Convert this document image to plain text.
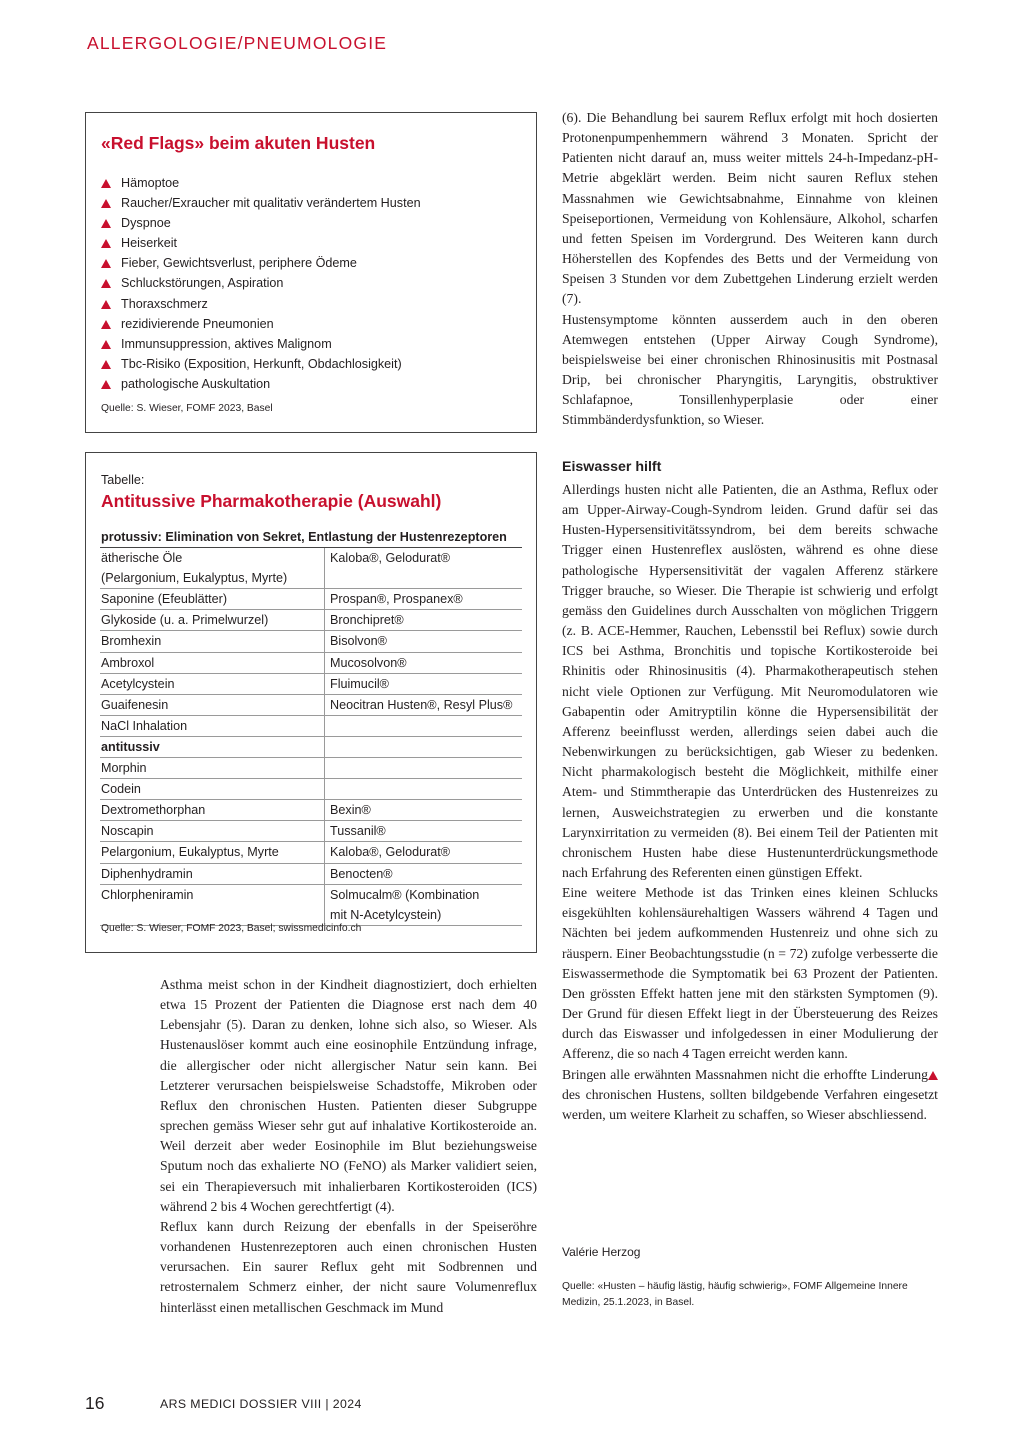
ALLERGOLOGIE/PNEUMOLOGIE
«Red Flags» beim akuten Husten
Hämoptoe
Raucher/Exraucher mit qualitativ verändertem Husten
Dyspnoe
Heiserkeit
Fieber, Gewichtsverlust, periphere Ödeme
Schluckstörungen, Aspiration
Thoraxschmerz
rezidivierende Pneumonien
Immunsuppression, aktives Malignom
Tbc-Risiko (Exposition, Herkunft, Obdachlosigkeit)
pathologische Auskultation
Quelle: S. Wieser, FOMF 2023, Basel
Tabelle:
Antitussive Pharmakotherapie (Auswahl)
protussiv: Elimination von Sekret, Entlastung der Hustenrezeptoren	
ätherische Öle
(Pelargonium, Eukalyptus, Myrte)	Kaloba®, Gelodurat®
Saponine (Efeublätter)	Prospan®, Prospanex®
Glykoside (u. a. Primelwurzel)	Bronchipret®
Bromhexin	Bisolvon®
Ambroxol	Mucosolvon®
Acetylcystein	Fluimucil®
Guaifenesin	Neocitran Husten®, Resyl Plus®
NaCl Inhalation	
antitussiv	
Morphin	
Codein	
Dextromethorphan	Bexin®
Noscapin	Tussanil®
Pelargonium, Eukalyptus, Myrte	Kaloba®, Gelodurat®
Diphenhydramin	Benocten®
Chlorpheniramin	Solmucalm® (Kombination
mit N-Acetylcystein)
Quelle: S. Wieser, FOMF 2023, Basel; swissmedicinfo.ch

Asthma meist schon in der Kindheit diagnostiziert, doch erhielten etwa 15 Prozent der Patienten die Diagnose erst nach dem 40 Lebensjahr (5). Daran zu denken, lohne sich also, so Wieser. Als Hustenauslöser kommt auch eine eosinophile Entzündung infrage, die allergischer oder nicht allergischer Natur sein kann. Bei Letzterer verursachen beispielsweise Schadstoffe, Mikroben oder Reflux den chronischen Husten. Patienten dieser Subgruppe sprechen gemäss Wieser sehr gut auf inhalative Kortikosteroide an. Weil derzeit aber weder Eosinophile im Blut beziehungsweise Sputum noch das exhalierte NO (FeNO) als Marker validiert seien, sei ein Therapieversuch mit inhalierbaren Kortikosteroiden (ICS) während 2 bis 4 Wochen gerechtfertigt (4).

Reflux kann durch Reizung der ebenfalls in der Speiseröhre vorhandenen Hustenrezeptoren auch einen chronischen Husten verursachen. Ein saurer Reflux geht mit Sodbrennen und retrosternalem Schmerz einher, der nicht saure Volumenreflux hinterlässt einen metallischen Geschmack im Mund

(6). Die Behandlung bei saurem Reflux erfolgt mit hoch dosierten Protonenpumpenhemmern während 3 Monaten. Spricht der Patienten nicht darauf an, muss weiter mittels 24-h-Impedanz-pH-Metrie abgeklärt werden. Beim nicht sauren Reflux stehen Massnahmen wie Gewichtsabnahme, Einnahme von kleinen Speiseportionen, Vermeidung von Kohlensäure, Alkohol, scharfen und fetten Speisen im Vordergrund. Des Weiteren kann durch Höherstellen des Kopfendes des Betts und der Vermeidung von Speisen 3 Stunden vor dem Zubettgehen Linderung erzielt werden (7).

Hustensymptome könnten ausserdem auch in den oberen Atemwegen entstehen (Upper Airway Cough Syndrome), beispielsweise bei einer chronischen Rhinosinusitis mit Postnasal Drip, bei chronischer Pharyngitis, Laryngitis, obstruktiver Schlafapnoe, Tonsillenhyperplasie oder einer Stimmbänderdysfunktion, so Wieser.

Eiswasser hilft

Allerdings husten nicht alle Patienten, die an Asthma, Reflux oder am Upper-Airway-Cough-Syndrom leiden. Grund dafür sei das Husten-Hypersensitivitätssyndrom, bei dem bereits schwache Trigger einen Hustenreflex auslösten, während es ohne diese pathologische Hypersensitivität der vagalen Afferenz stärkere Trigger brauche, so Wieser. Die Therapie ist schwierig und erfolgt gemäss den Guidelines durch Ausschalten von möglichen Triggern (z. B. ACE-Hemmer, Rauchen, Lebensstil bei Reflux) sowie durch ICS bei Asthma, Bronchitis und topische Kortikosteroide bei Rhinitis oder Rhinosinusitis (4). Pharmakotherapeutisch stehen nicht viele Optionen zur Verfügung. Mit Neuromodulatoren wie Gabapentin oder Amitryptilin könne die Hypersensibilität der Afferenz beeinflusst werden, allerdings seien dabei auch die Nebenwirkungen zu berücksichtigen, gab Wieser zu bedenken. Nicht pharmakologisch besteht die Möglichkeit, mithilfe einer Atem- und Stimmtherapie das Unterdrücken des Hustenreizes zu lernen, Ausweichstrategien zu erwerben und die konstante Larynxirritation zu vermeiden (8). Bei einem Teil der Patienten mit chronischem Husten habe diese Hustenunterdrückungsmethode nach Erfahrung des Referenten einen günstigen Effekt.

Eine weitere Methode ist das Trinken eines kleinen Schlucks eisgekühlten kohlensäurehaltigen Wassers während 4 Tagen und Nächten bei jedem aufkommenden Hustenreiz und ohne sich zu räuspern. Einer Beobachtungsstudie (n = 72) zufolge verbesserte die Eiswassermethode die Symptomatik bei 63 Prozent der Patienten. Den grössten Effekt hatten jene mit den stärksten Symptomen (9). Der Grund für diesen Effekt liegt in der Übersteuerung des Reizes durch das Eiswasser und infolgedessen in einer Modulierung der Afferenz, die so nach 4 Tagen erreicht werden kann.

Bringen alle erwähnten Massnahmen nicht die erhoffte Linderung des chronischen Hustens, sollten bildgebende Verfahren eingesetzt werden, um weitere Klarheit zu schaffen, so Wieser abschliessend.

Valérie Herzog
Quelle: «Husten – häufig lästig, häufig schwierig», FOMF Allgemeine Innere Medizin, 25.1.2023, in Basel.
16	ARS MEDICI DOSSIER VIII | 2024
